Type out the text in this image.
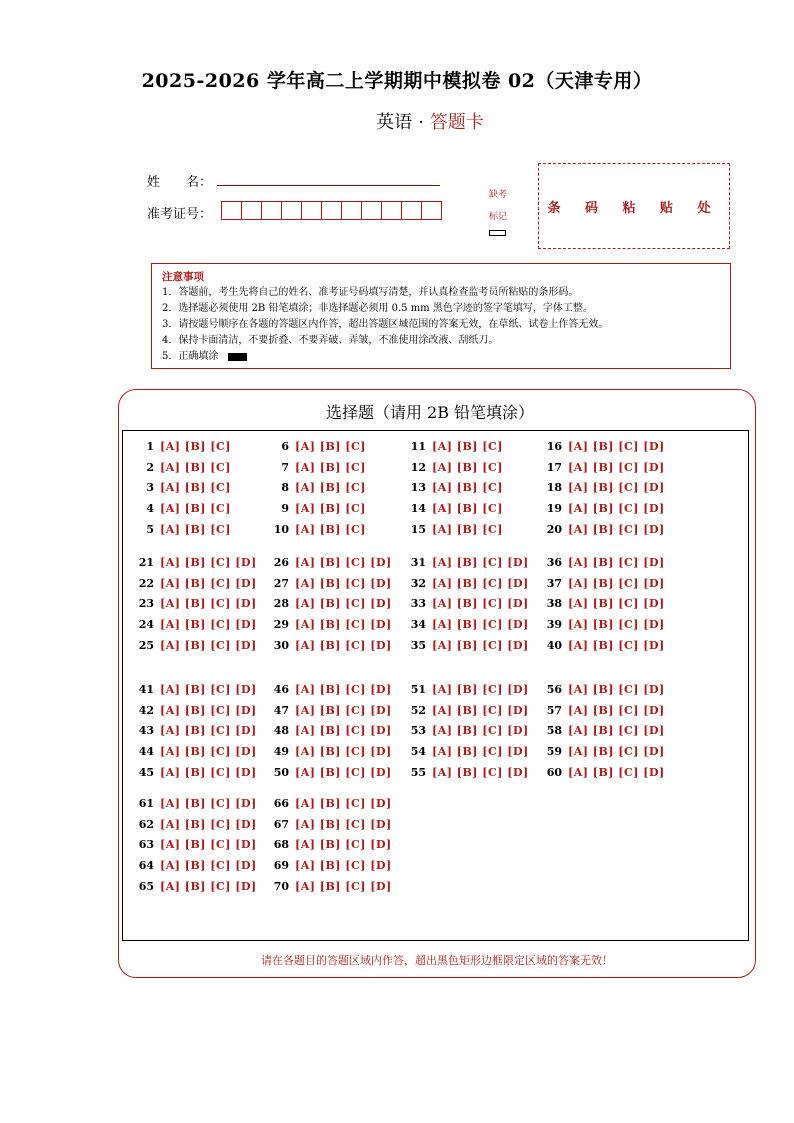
2025-2026 学年高二上学期期中模拟卷 02（天津专用）
英语 · 答题卡
姓　　名：
准考证号：
缺考
标记
条 码 粘 贴 处
注意事项
1．答题前，考生先将自己的姓名、准考证号码填写清楚，并认真检查监考员所粘贴的条形码。
2．选择题必须使用 2B 铅笔填涂；非选择题必须用 0.5 mm 黑色字迹的签字笔填写，字体工整。
3．请按题号顺序在各题的答题区内作答，超出答题区域范围的答案无效，在草纸、试卷上作答无效。
4．保持卡面清洁，不要折叠、不要弄破、弄皱，不准使用涂改液、刮纸刀。
5．正确填涂
选择题（请用 2B 铅笔填涂）
1 [A] [B] [C]
2 [A] [B] [C]
3 [A] [B] [C]
4 [A] [B] [C]
5 [A] [B] [C]
6 [A] [B] [C]
7 [A] [B] [C]
8 [A] [B] [C]
9 [A] [B] [C]
10 [A] [B] [C]
11 [A] [B] [C]
12 [A] [B] [C]
13 [A] [B] [C]
14 [A] [B] [C]
15 [A] [B] [C]
16 [A] [B] [C] [D]
17 [A] [B] [C] [D]
18 [A] [B] [C] [D]
19 [A] [B] [C] [D]
20 [A] [B] [C] [D]
21 [A] [B] [C] [D]
22 [A] [B] [C] [D]
23 [A] [B] [C] [D]
24 [A] [B] [C] [D]
25 [A] [B] [C] [D]
26 [A] [B] [C] [D]
27 [A] [B] [C] [D]
28 [A] [B] [C] [D]
29 [A] [B] [C] [D]
30 [A] [B] [C] [D]
31 [A] [B] [C] [D]
32 [A] [B] [C] [D]
33 [A] [B] [C] [D]
34 [A] [B] [C] [D]
35 [A] [B] [C] [D]
36 [A] [B] [C] [D]
37 [A] [B] [C] [D]
38 [A] [B] [C] [D]
39 [A] [B] [C] [D]
40 [A] [B] [C] [D]
41 [A] [B] [C] [D]
42 [A] [B] [C] [D]
43 [A] [B] [C] [D]
44 [A] [B] [C] [D]
45 [A] [B] [C] [D]
46 [A] [B] [C] [D]
47 [A] [B] [C] [D]
48 [A] [B] [C] [D]
49 [A] [B] [C] [D]
50 [A] [B] [C] [D]
51 [A] [B] [C] [D]
52 [A] [B] [C] [D]
53 [A] [B] [C] [D]
54 [A] [B] [C] [D]
55 [A] [B] [C] [D]
56 [A] [B] [C] [D]
57 [A] [B] [C] [D]
58 [A] [B] [C] [D]
59 [A] [B] [C] [D]
60 [A] [B] [C] [D]
61 [A] [B] [C] [D]
62 [A] [B] [C] [D]
63 [A] [B] [C] [D]
64 [A] [B] [C] [D]
65 [A] [B] [C] [D]
66 [A] [B] [C] [D]
67 [A] [B] [C] [D]
68 [A] [B] [C] [D]
69 [A] [B] [C] [D]
70 [A] [B] [C] [D]
请在各题目的答题区域内作答，超出黑色矩形边框限定区域的答案无效！
